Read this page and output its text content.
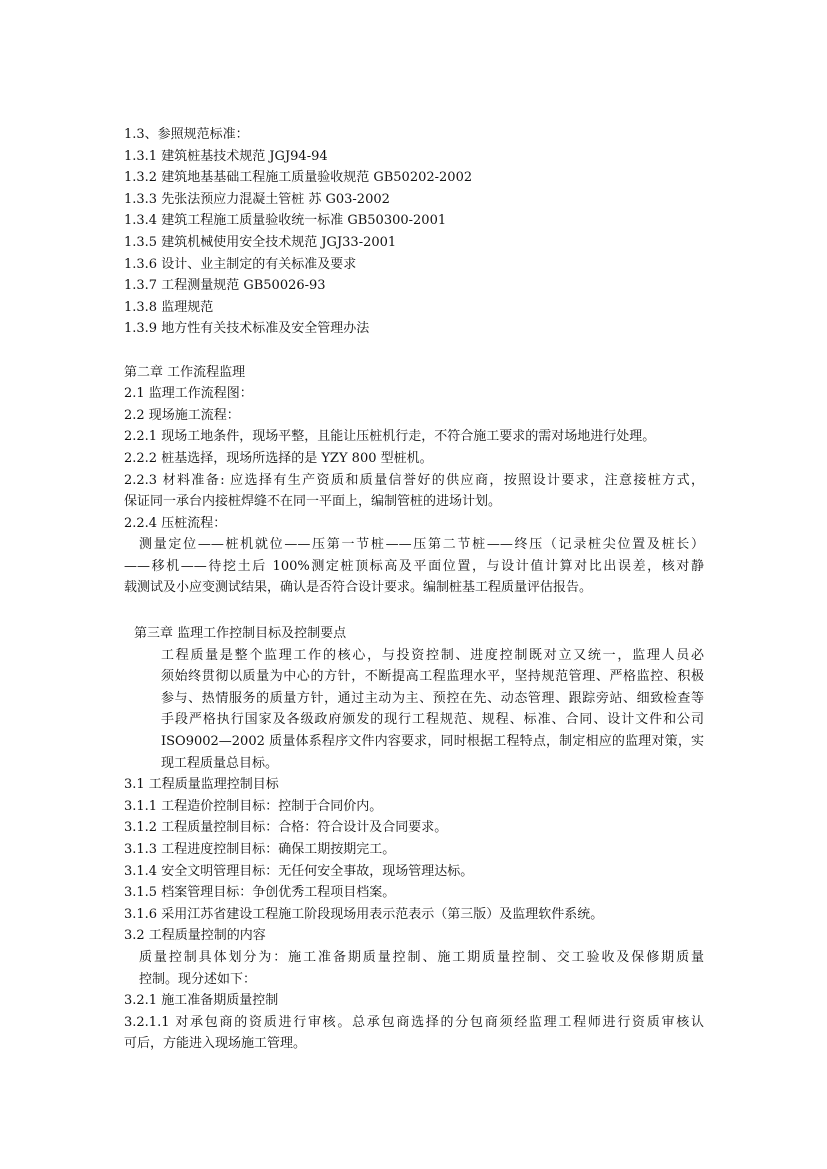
1.3、参照规范标准：
1.3.1 建筑桩基技术规范 JGJ94-94
1.3.2 建筑地基基础工程施工质量验收规范 GB50202-2002
1.3.3 先张法预应力混凝土管桩 苏 G03-2002
1.3.4 建筑工程施工质量验收统一标准 GB50300-2001
1.3.5 建筑机械使用安全技术规范 JGJ33-2001
1.3.6 设计、业主制定的有关标准及要求
1.3.7 工程测量规范 GB50026-93
1.3.8 监理规范
1.3.9 地方性有关技术标准及安全管理办法
第二章 工作流程监理
2.1 监理工作流程图：
2.2 现场施工流程：
2.2.1 现场工地条件，现场平整，且能让压桩机行走，不符合施工要求的需对场地进行处理。
2.2.2 桩基选择，现场所选择的是 YZY 800 型桩机。
2.2.3 材料准备: 应选择有生产资质和质量信誉好的供应商，按照设计要求，注意接桩方式，
保证同一承台内接桩焊缝不在同一平面上，编制管桩的进场计划。
2.2.4 压桩流程：
测量定位——桩机就位——压第一节桩——压第二节桩——终压（记录桩尖位置及桩长）
——移机——待挖土后 100%测定桩顶标高及平面位置，与设计值计算对比出误差，核对静
载测试及小应变测试结果，确认是否符合设计要求。编制桩基工程质量评估报告。
第三章 监理工作控制目标及控制要点
工程质量是整个监理工作的核心，与投资控制、进度控制既对立又统一，监理人员必
须始终贯彻以质量为中心的方针，不断提高工程监理水平，坚持规范管理、严格监控、积极
参与、热情服务的质量方针，通过主动为主、预控在先、动态管理、跟踪旁站、细致检查等
手段严格执行国家及各级政府颁发的现行工程规范、规程、标准、合同、设计文件和公司
ISO9002—2002 质量体系程序文件内容要求，同时根据工程特点，制定相应的监理对策，实
现工程质量总目标。
3.1 工程质量监理控制目标
3.1.1 工程造价控制目标：控制于合同价内。
3.1.2 工程质量控制目标：合格：符合设计及合同要求。
3.1.3 工程进度控制目标：确保工期按期完工。
3.1.4 安全文明管理目标：无任何安全事故，现场管理达标。
3.1.5 档案管理目标：争创优秀工程项目档案。
3.1.6 采用江苏省建设工程施工阶段现场用表示范表示（第三版）及监理软件系统。
3.2 工程质量控制的内容
质量控制具体划分为：施工准备期质量控制、施工期质量控制、交工验收及保修期质量
控制。现分述如下：
3.2.1 施工准备期质量控制
3.2.1.1 对承包商的资质进行审核。总承包商选择的分包商须经监理工程师进行资质审核认
可后，方能进入现场施工管理。
